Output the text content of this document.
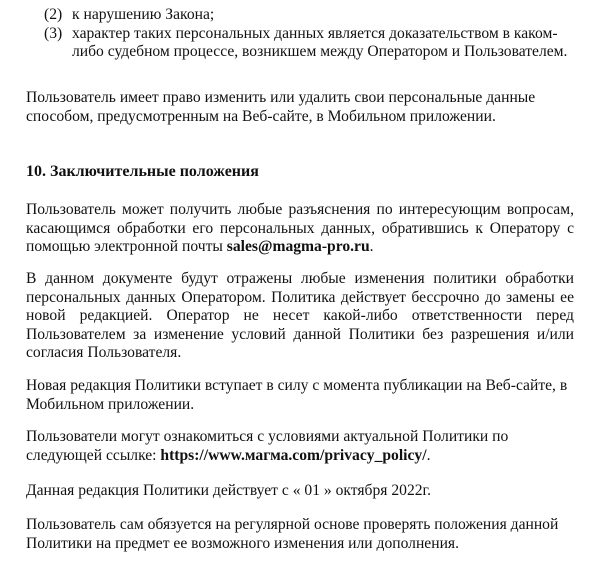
(2) к нарушению Закона;
(3) характер таких персональных данных является доказательством в каком-либо судебном процессе, возникшем между Оператором и Пользователем.
Пользователь имеет право изменить или удалить свои персональные данные способом, предусмотренным на Веб-сайте, в Мобильном приложении.
10. Заключительные положения
Пользователь может получить любые разъяснения по интересующим вопросам, касающимся обработки его персональных данных, обратившись к Оператору с помощью электронной почты sales@magma-pro.ru.
В данном документе будут отражены любые изменения политики обработки персональных данных Оператором. Политика действует бессрочно до замены ее новой редакцией. Оператор не несет какой-либо ответственности перед Пользователем за изменение условий данной Политики без разрешения и/или согласия Пользователя.
Новая редакция Политики вступает в силу с момента публикации на Веб-сайте, в Мобильном приложении.
Пользователи могут ознакомиться с условиями актуальной Политики по следующей ссылке: https://www.магма.com/privacy_policy/.
Данная редакция Политики действует с « 01 » октября 2022г.
Пользователь сам обязуется на регулярной основе проверять положения данной Политики на предмет ее возможного изменения или дополнения.
